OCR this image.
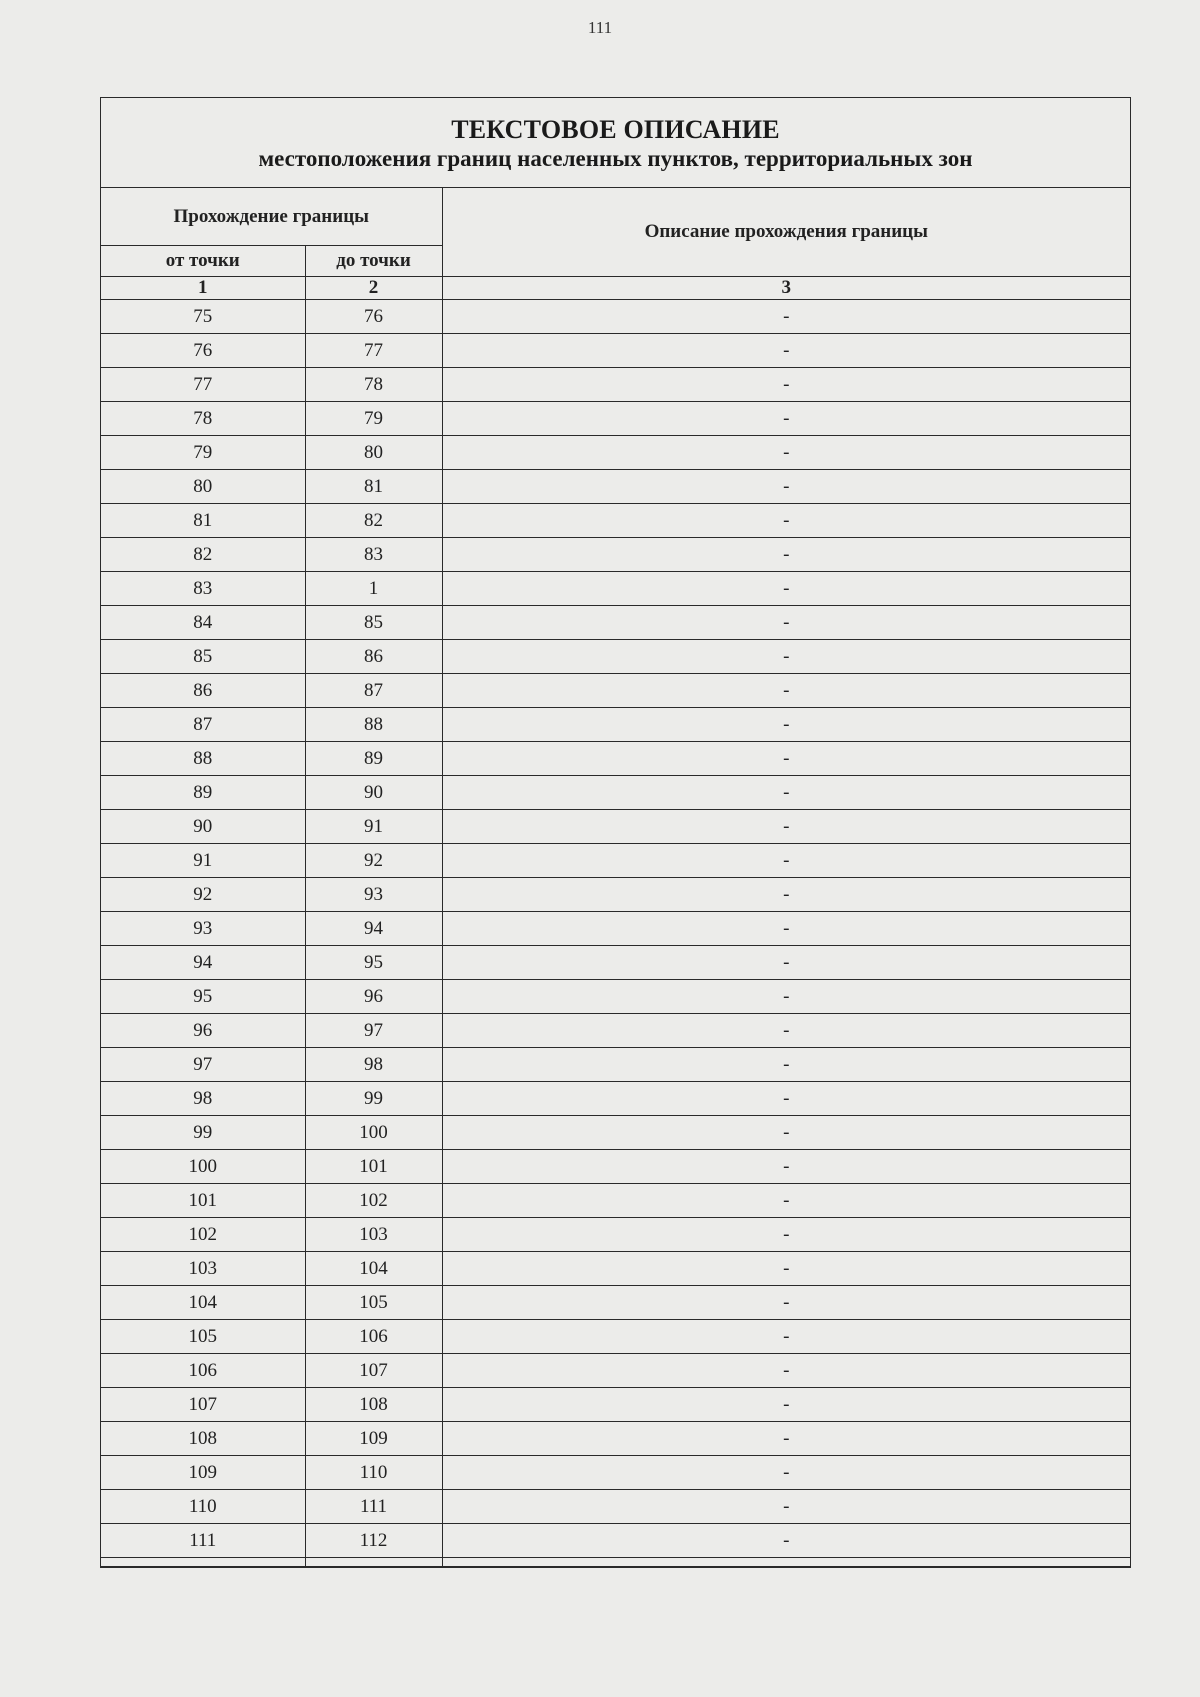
111
ТЕКСТОВОЕ ОПИСАНИЕ
местоположения границ населенных пунктов, территориальных зон
Прохождение границы		Описание прохождения границы
от точки	до точки	
1	2	3
75	76	-
76	77	-
77	78	-
78	79	-
79	80	-
80	81	-
81	82	-
82	83	-
83	1	-
84	85	-
85	86	-
86	87	-
87	88	-
88	89	-
89	90	-
90	91	-
91	92	-
92	93	-
93	94	-
94	95	-
95	96	-
96	97	-
97	98	-
98	99	-
99	100	-
100	101	-
101	102	-
102	103	-
103	104	-
104	105	-
105	106	-
106	107	-
107	108	-
108	109	-
109	110	-
110	111	-
111	112	-
